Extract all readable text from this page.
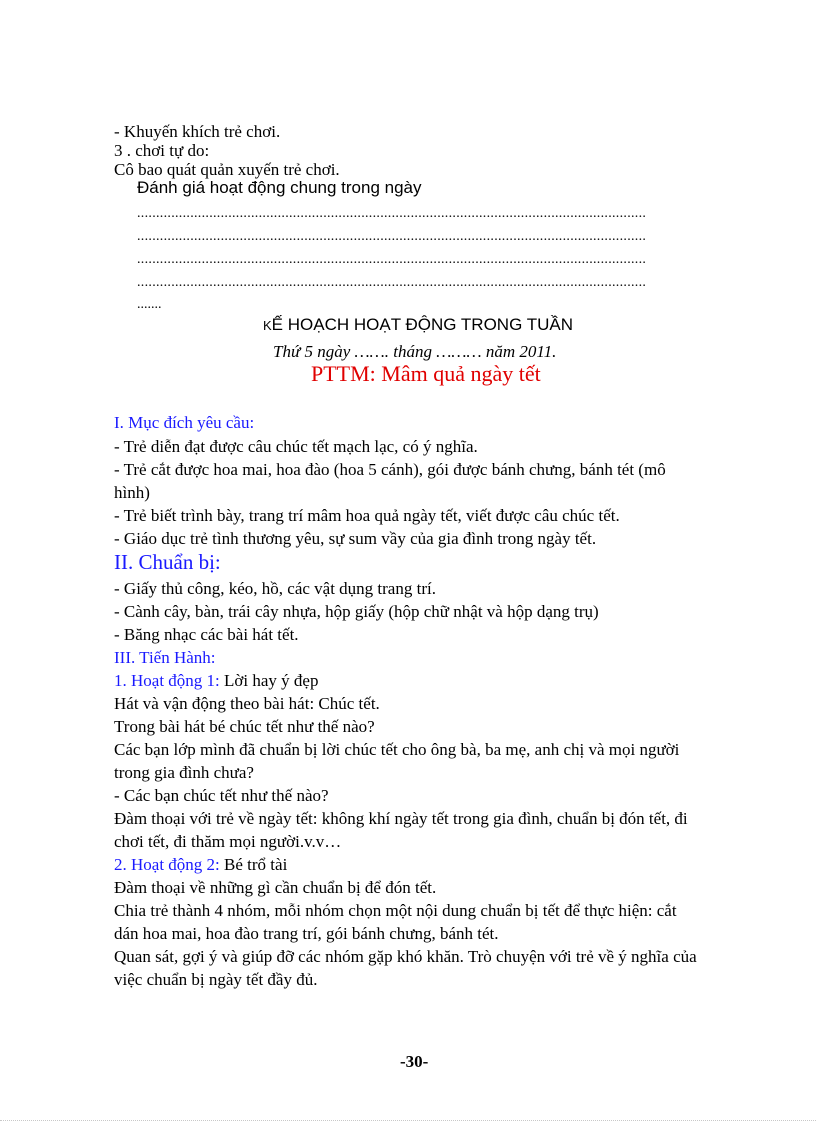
- Khuyến khích trẻ chơi.
3 . chơi tự do:
Cô bao quát quản xuyến trẻ chơi.
Đánh giá hoạt động chung trong ngày
......................................................................................................................................
......................................................................................................................................
......................................................................................................................................
......................................................................................................................................
.......
KẾ HOẠCH HOẠT ĐỘNG TRONG TUẦN
Thứ 5 ngày ……. tháng ……… năm 2011.
PTTM: Mâm quả ngày tết
I. Mục đích yêu cầu:
- Trẻ diễn đạt được câu chúc tết mạch lạc, có ý nghĩa.
- Trẻ cắt được hoa mai, hoa đào (hoa 5 cánh), gói được bánh chưng, bánh tét (mô
hình)
- Trẻ biết trình bày, trang trí mâm hoa quả ngày tết, viết được câu chúc tết.
- Giáo dục trẻ tình thương yêu, sự sum vầy của gia đình trong ngày tết.
II. Chuẩn bị:
- Giấy thủ công, kéo, hồ, các vật dụng trang trí.
- Cành cây, bàn, trái cây nhựa, hộp giấy (hộp chữ nhật và hộp dạng trụ)
- Băng nhạc các bài hát tết.
III. Tiến Hành:
1. Hoạt động 1: Lời hay ý đẹp
Hát và vận động theo bài hát: Chúc tết.
Trong bài hát bé chúc tết như thế nào?
Các bạn lớp mình đã chuẩn bị lời chúc tết cho ông bà, ba mẹ, anh chị và mọi người
trong gia đình chưa?
- Các bạn chúc tết như thế nào?
Đàm thoại với trẻ về ngày tết: không khí ngày tết trong gia đình, chuẩn bị đón tết, đi
chơi tết, đi thăm mọi người.v.v…
2. Hoạt động 2: Bé trổ tài
Đàm thoại về những gì cần chuẩn bị để đón tết.
Chia trẻ thành 4 nhóm, mỗi nhóm chọn một nội dung chuẩn bị tết để thực hiện: cắt
dán hoa mai, hoa đào trang trí, gói bánh chưng, bánh tét.
Quan sát, gợi ý và giúp đỡ các nhóm gặp khó khăn. Trò chuyện với trẻ về ý nghĩa của
việc chuẩn bị ngày tết đầy đủ.
-30-
